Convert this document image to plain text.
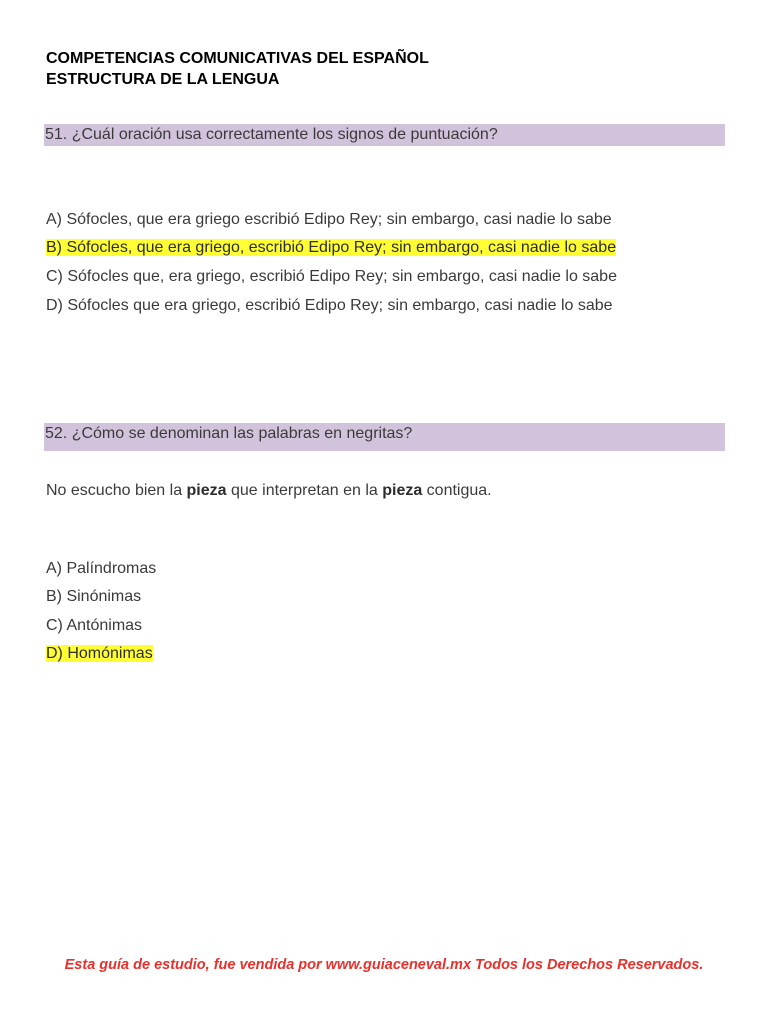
COMPETENCIAS COMUNICATIVAS DEL ESPAÑOL
ESTRUCTURA DE LA LENGUA
51. ¿Cuál oración usa correctamente los signos de puntuación?
A) Sófocles, que era griego escribió Edipo Rey; sin embargo, casi nadie lo sabe
B) Sófocles, que era griego, escribió Edipo Rey; sin embargo, casi nadie lo sabe
C) Sófocles que, era griego, escribió Edipo Rey; sin embargo, casi nadie lo sabe
D) Sófocles que era griego, escribió Edipo Rey; sin embargo, casi nadie lo sabe
52. ¿Cómo se denominan las palabras en negritas?
No escucho bien la pieza que interpretan en la pieza contigua.
A) Palíndromas
B) Sinónimas
C) Antónimas
D) Homónimas
Esta guía de estudio, fue vendida por www.guiaceneval.mx Todos los Derechos Reservados.
